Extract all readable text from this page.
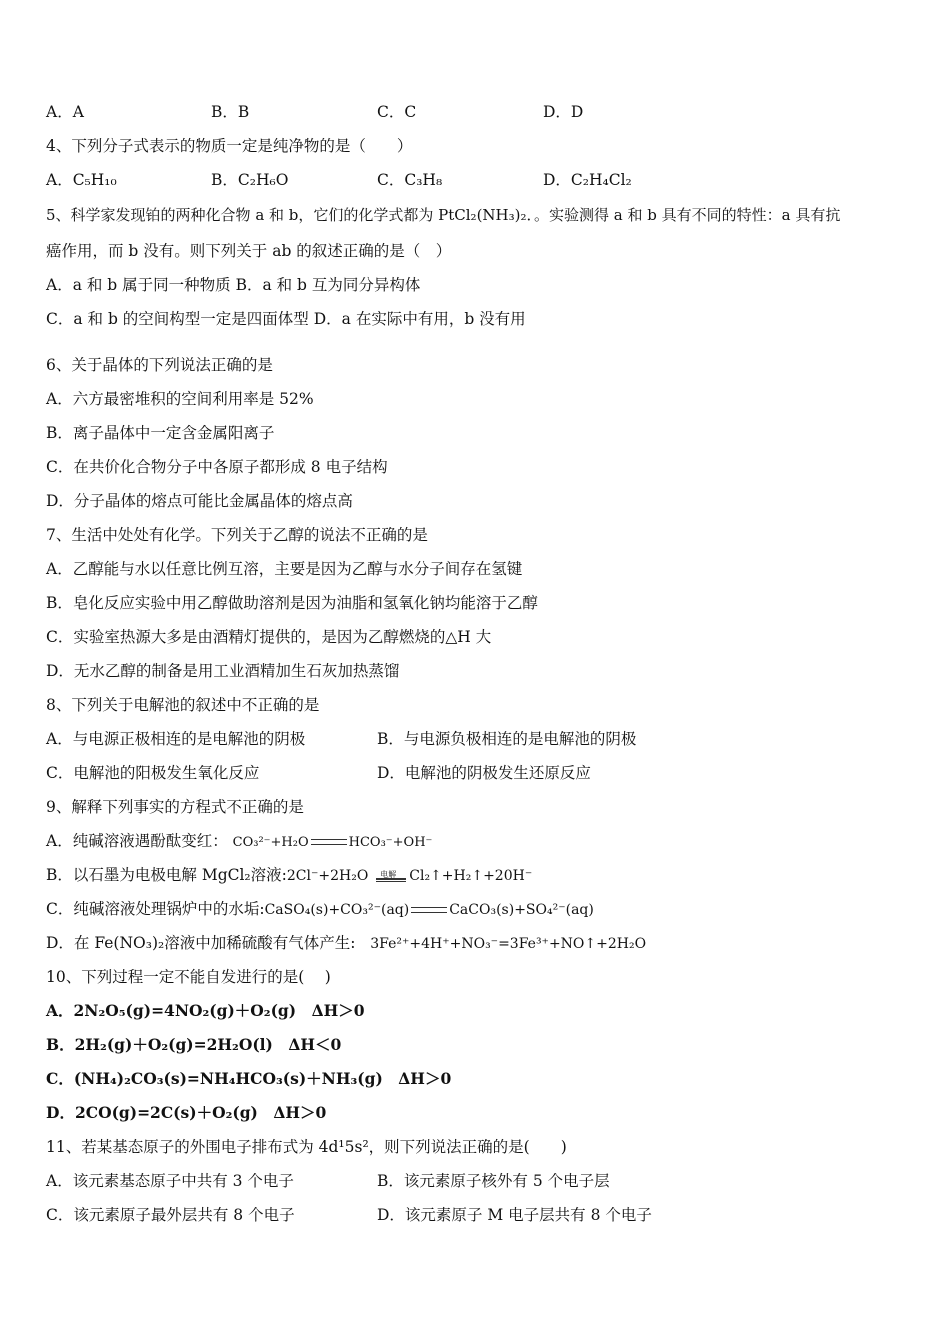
A．A	B．B	C．C	D．D
4、下列分子式表示的物质一定是纯净物的是（　　）
A．C₅H₁₀	B．C₂H₆O	C．C₃H₈	D．C₂H₄Cl₂
5、科学家发现铂的两种化合物 a 和 b，它们的化学式都为 PtCl₂(NH₃)₂．。实验测得 a 和 b 具有不同的特性：a 具有抗
癌作用，而 b 没有。则下列关于 ab 的叙述正确的是（　）
A．a 和 b 属于同一种物质 B．a 和 b 互为同分异构体
C．a 和 b 的空间构型一定是四面体型 D．a 在实际中有用，b 没有用
6、关于晶体的下列说法正确的是
A．六方最密堆积的空间利用率是 52%
B．离子晶体中一定含金属阳离子
C．在共价化合物分子中各原子都形成 8 电子结构
D．分子晶体的熔点可能比金属晶体的熔点高
7、生活中处处有化学。下列关于乙醇的说法不正确的是
A．乙醇能与水以任意比例互溶，主要是因为乙醇与水分子间存在氢键
B．皂化反应实验中用乙醇做助溶剂是因为油脂和氢氧化钠均能溶于乙醇
C．实验室热源大多是由酒精灯提供的，是因为乙醇燃烧的△H 大
D．无水乙醇的制备是用工业酒精加生石灰加热蒸馏
8、下列关于电解池的叙述中不正确的是
A．与电源正极相连的是电解池的阴极	B．与电源负极相连的是电解池的阴极
C．电解池的阳极发生氧化反应	D．电解池的阴极发生还原反应
9、解释下列事实的方程式不正确的是
A．纯碱溶液遇酚酞变红： CO₃²⁻+H₂O	HCO₃⁻+OH⁻
B．以石墨为电极电解 MgCl₂溶液:2Cl⁻+2H₂O 电解 Cl₂↑+H₂↑+20H⁻
C．纯碱溶液处理锅炉中的水垢:CaSO₄(s)+CO₃²⁻(aq)	CaCO₃(s)+SO₄²⁻(aq)
D．在 Fe(NO₃)₂溶液中加稀硫酸有气体产生: 3Fe²⁺+4H⁺+NO₃⁻=3Fe³⁺+NO↑+2H₂O
10、下列过程一定不能自发进行的是(　 )
A．2N₂O₅(g)=4NO₂(g)＋O₂(g)　ΔH＞0
B．2H₂(g)＋O₂(g)=2H₂O(l)　ΔH＜0
C．(NH₄)₂CO₃(s)=NH₄HCO₃(s)＋NH₃(g)　ΔH＞0
D．2CO(g)=2C(s)＋O₂(g)　ΔH＞0
11、若某基态原子的外围电子排布式为 4d¹5s²，则下列说法正确的是(　　)
A．该元素基态原子中共有 3 个电子	B．该元素原子核外有 5 个电子层
C．该元素原子最外层共有 8 个电子	D．该元素原子 M 电子层共有 8 个电子
